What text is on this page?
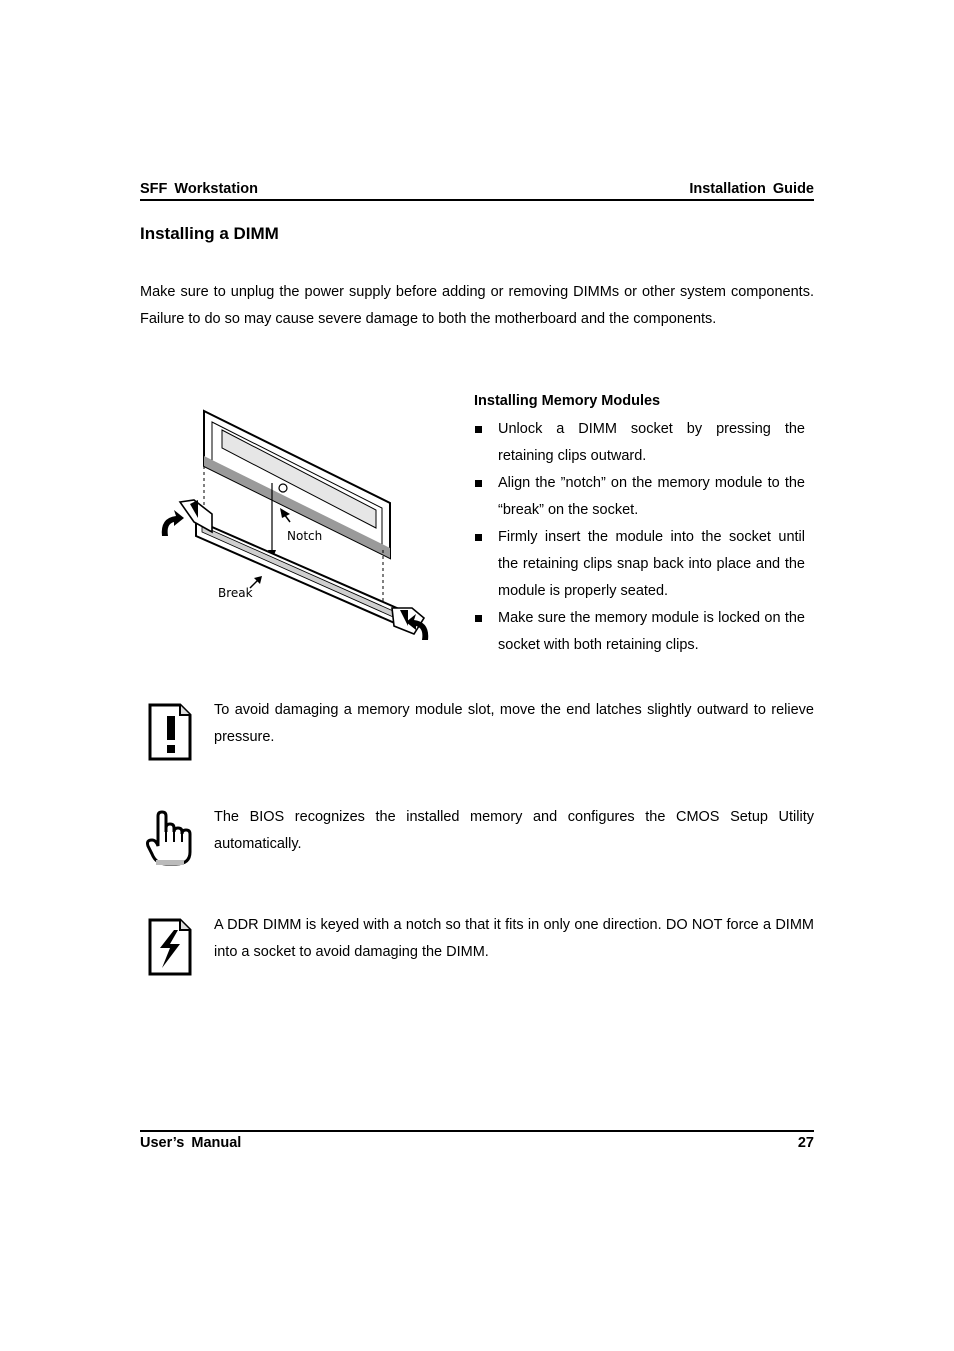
SFF Workstation	Installation Guide
Installing a DIMM
Make sure to unplug the power supply before adding or removing DIMMs or other system components. Failure to do so may cause severe damage to both the motherboard and the components.
Notch
Break
Installing Memory Modules
Unlock a DIMM socket by pressing the retaining clips outward.
Align the ”notch” on the memory module to the “break” on the socket.
Firmly insert the module into the socket until the retaining clips snap back into place and the module is properly seated.
Make sure the memory module is locked on the socket with both retaining clips.
To avoid damaging a memory module slot, move the end latches slightly outward to relieve pressure.
The BIOS recognizes the installed memory and configures the CMOS Setup Utility automatically.
A DDR DIMM is keyed with a notch so that it fits in only one direction. DO NOT force a DIMM into a socket to avoid damaging the DIMM.
User’s Manual	27
